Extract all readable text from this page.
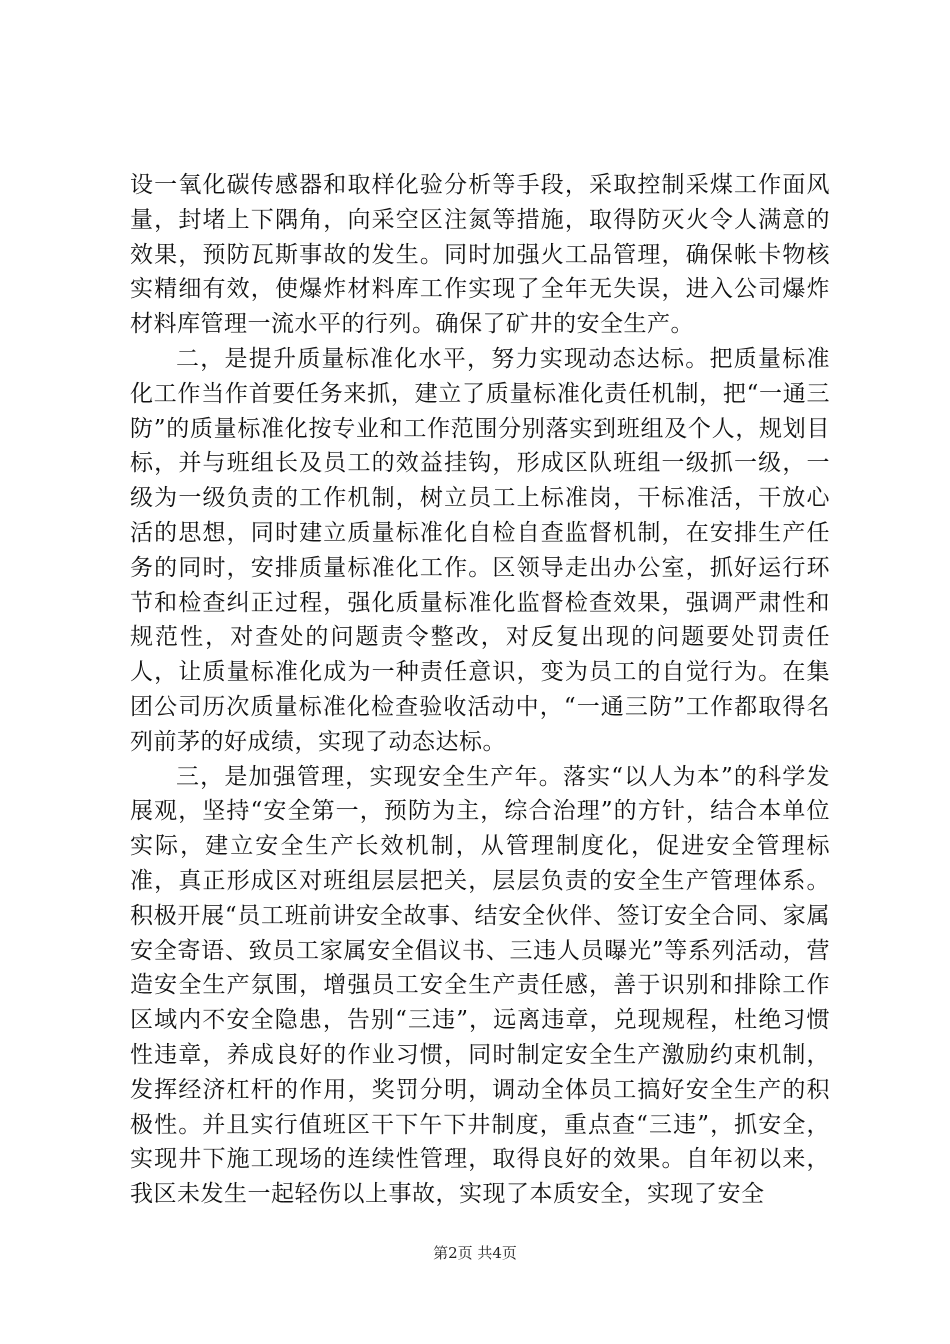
设一氧化碳传感器和取样化验分析等手段，采取控制采煤工作面风量，封堵上下隅角，向采空区注氮等措施，取得防灭火令人满意的效果，预防瓦斯事故的发生。同时加强火工品管理，确保帐卡物核实精细有效，使爆炸材料库工作实现了全年无失误，进入公司爆炸材料库管理一流水平的行列。确保了矿井的安全生产。

二，是提升质量标准化水平，努力实现动态达标。把质量标准化工作当作首要任务来抓，建立了质量标准化责任机制，把“一通三防”的质量标准化按专业和工作范围分别落实到班组及个人，规划目标，并与班组长及员工的效益挂钩，形成区队班组一级抓一级，一级为一级负责的工作机制，树立员工上标准岗，干标准活，干放心活的思想，同时建立质量标准化自检自查监督机制，在安排生产任务的同时，安排质量标准化工作。区领导走出办公室，抓好运行环节和检查纠正过程，强化质量标准化监督检查效果，强调严肃性和规范性，对查处的问题责令整改，对反复出现的问题要处罚责任人，让质量标准化成为一种责任意识，变为员工的自觉行为。在集团公司历次质量标准化检查验收活动中，“一通三防”工作都取得名列前茅的好成绩，实现了动态达标。

三，是加强管理，实现安全生产年。落实“以人为本”的科学发展观，坚持“安全第一，预防为主，综合治理”的方针，结合本单位实际，建立安全生产长效机制，从管理制度化，促进安全管理标准，真正形成区对班组层层把关，层层负责的安全生产管理体系。积极开展“员工班前讲安全故事、结安全伙伴、签订安全合同、家属安全寄语、致员工家属安全倡议书、三违人员曝光”等系列活动，营造安全生产氛围，增强员工安全生产责任感，善于识别和排除工作区域内不安全隐患，告别“三违”，远离违章，兑现规程，杜绝习惯性违章，养成良好的作业习惯，同时制定安全生产激励约束机制，发挥经济杠杆的作用，奖罚分明，调动全体员工搞好安全生产的积极性。并且实行值班区干下午下井制度，重点查“三违”，抓安全，实现井下施工现场的连续性管理，取得良好的效果。自年初以来，我区未发生一起轻伤以上事故，实现了本质安全，实现了安全

第2页 共4页
